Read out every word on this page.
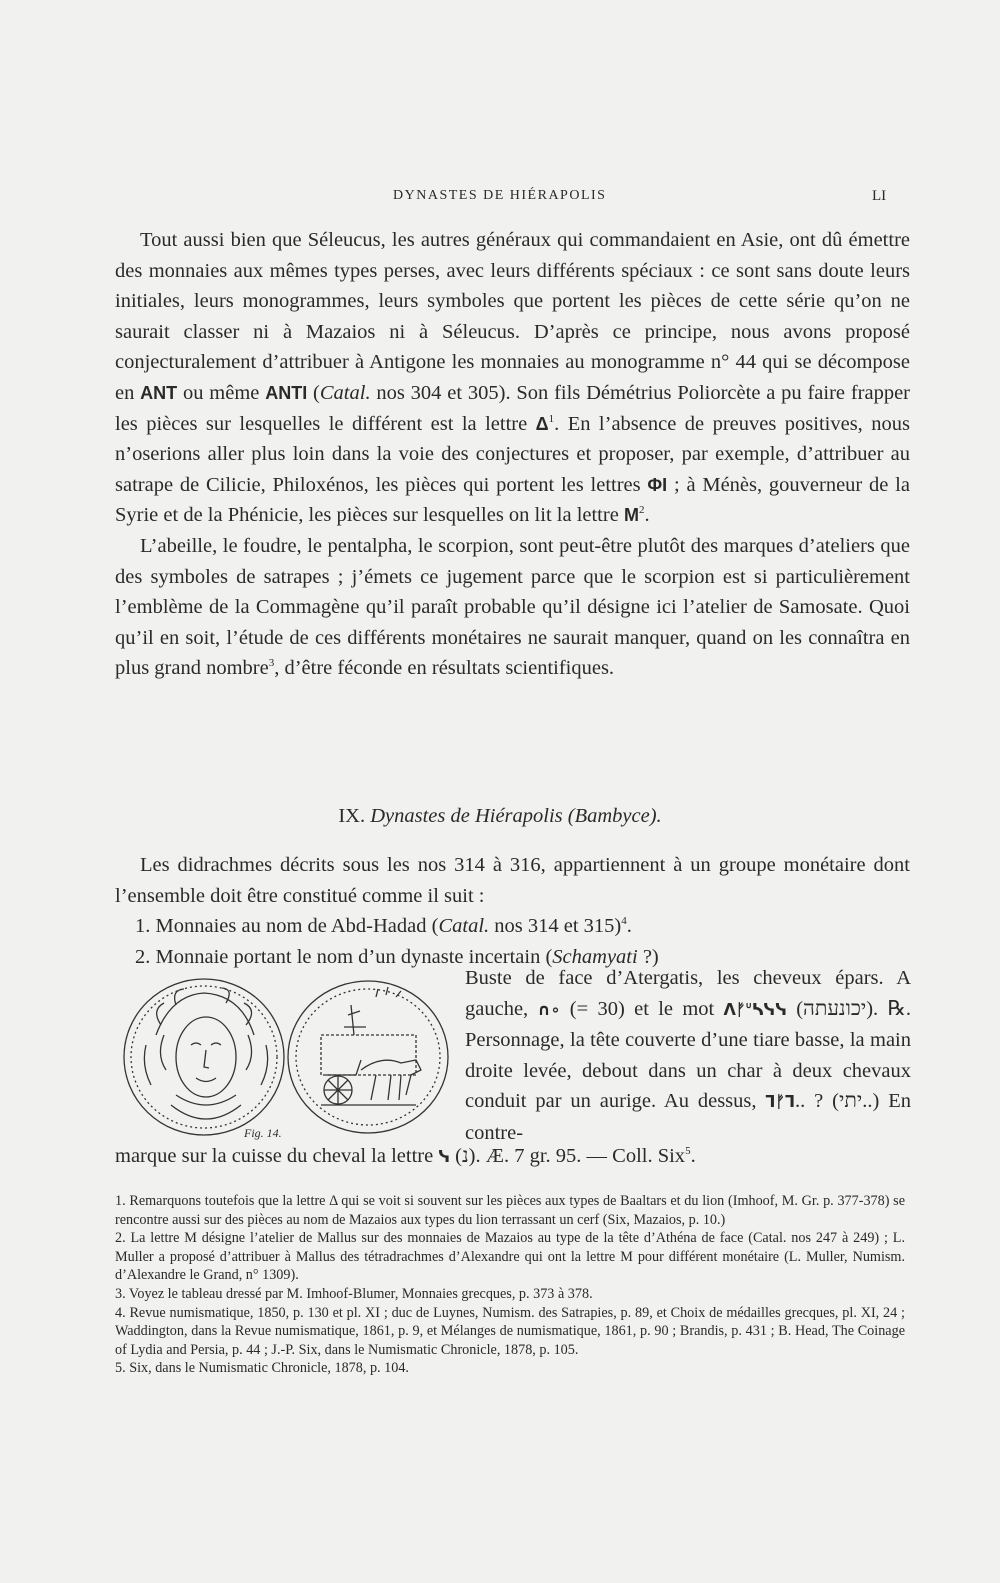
DYNASTES DE HIÉRAPOLIS	LI

Tout aussi bien que Séleucus, les autres généraux qui commandaient en Asie, ont dû émettre des monnaies aux mêmes types perses, avec leurs différents spéciaux : ce sont sans doute leurs initiales, leurs monogrammes, leurs symboles que portent les pièces de cette série qu’on ne saurait classer ni à Mazaios ni à Séleucus. D’après ce principe, nous avons proposé conjecturalement d’attribuer à Antigone les monnaies au monogramme n° 44 qui se décompose en ANT ou même ANTI (Catal. nos 304 et 305). Son fils Démétrius Poliorcète a pu faire frapper les pièces sur lesquelles le différent est la lettre $\Delta^1$. En l’absence de preuves positives, nous n’oserions aller plus loin dans la voie des conjectures et proposer, par exemple, d’attribuer au satrape de Cilicie, Philoxénos, les pièces qui portent les lettres ΦΙ ; à Ménès, gouverneur de la Syrie et de la Phénicie, les pièces sur lesquelles on lit la lettre $M^2$.

L’abeille, le foudre, le pentalpha, le scorpion, sont peut-être plutôt des marques d’ateliers que des symboles de satrapes ; j’émets ce jugement parce que le scorpion est si particulièrement l’emblème de la Commagène qu’il paraît probable qu’il désigne ici l’atelier de Samosate. Quoi qu’il en soit, l’étude de ces différents monétaires ne saurait manquer, quand on les connaîtra en plus grand nombre$^3$, d’être féconde en résultats scientifiques.

IX. Dynastes de Hiérapolis (Bambyce).

Les didrachmes décrits sous les nos 314 à 316, appartiennent à un groupe monétaire dont l’ensemble doit être constitué comme il suit :

1. Monnaies au nom de Abd-Hadad (Catal. nos 314 et 315)$^4$.

2. Monnaie portant le nom d’un dynaste incertain (Schamyati ?)

Fig. 14.
Buste de face d’Atergatis, les cheveux épars. A gauche, ∩∘ (= 30) et le mot ᐱᚠᐡᓴᓭᓭ (יכונעתה). ℞. Personnage, la tête couverte d’une tiare basse, la main droite levée, debout dans un char à deux chevaux conduit par un aurige. Au dessus, ᒣᚠᒣ.. ? (יתי..) En contre-
marque sur la cuisse du cheval la lettre ᓭ (נ). Æ. 7 gr. 95. — Coll. Six$^5$.

1. Remarquons toutefois que la lettre Δ qui se voit si souvent sur les pièces aux types de Baaltars et du lion (Imhoof, M. Gr. p. 377-378) se rencontre aussi sur des pièces au nom de Mazaios aux types du lion terrassant un cerf (Six, Mazaios, p. 10.)

2. La lettre M désigne l’atelier de Mallus sur des monnaies de Mazaios au type de la tête d’Athéna de face (Catal. nos 247 à 249) ; L. Muller a proposé d’attribuer à Mallus des tétradrachmes d’Alexandre qui ont la lettre M pour différent monétaire (L. Muller, Numism. d’Alexandre le Grand, n° 1309).

3. Voyez le tableau dressé par M. Imhoof-Blumer, Monnaies grecques, p. 373 à 378.

4. Revue numismatique, 1850, p. 130 et pl. XI ; duc de Luynes, Numism. des Satrapies, p. 89, et Choix de médailles grecques, pl. XI, 24 ; Waddington, dans la Revue numismatique, 1861, p. 9, et Mélanges de numismatique, 1861, p. 90 ; Brandis, p. 431 ; B. Head, The Coinage of Lydia and Persia, p. 44 ; J.-P. Six, dans le Numismatic Chronicle, 1878, p. 105.

5. Six, dans le Numismatic Chronicle, 1878, p. 104.
